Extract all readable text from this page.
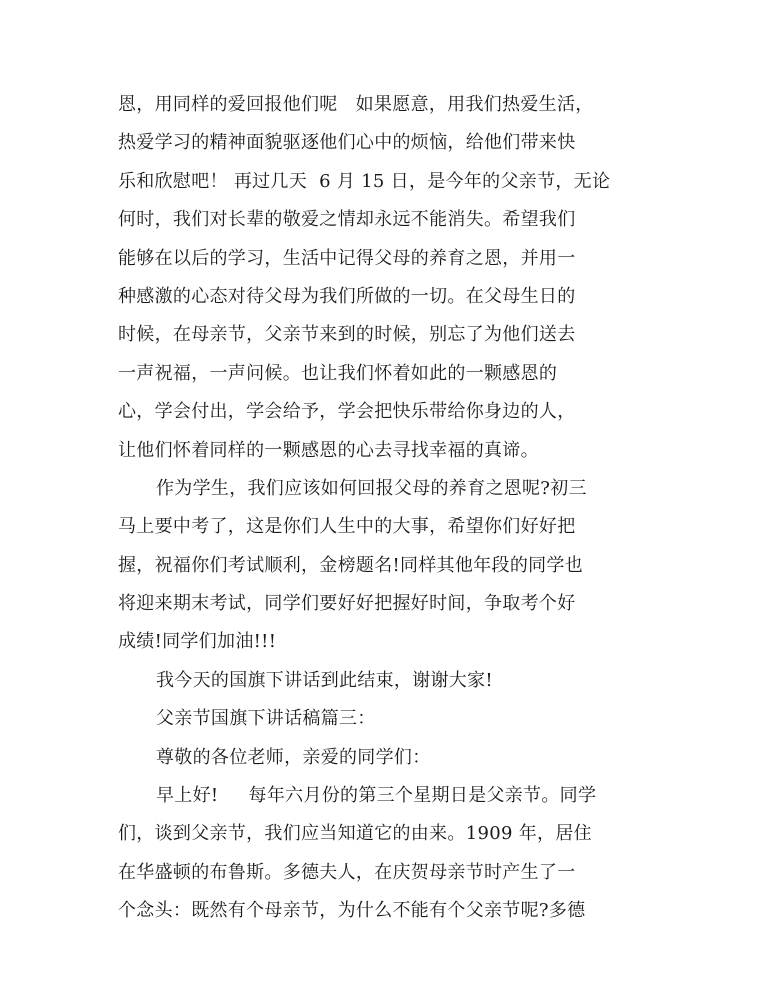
恩，用同样的爱回报他们呢   如果愿意，用我们热爱生活，
热爱学习的精神面貌驱逐他们心中的烦恼，给他们带来快
乐和欣慰吧！ 再过几天  6 月 15 日，是今年的父亲节，无论
何时，我们对长辈的敬爱之情却永远不能消失。希望我们
能够在以后的学习，生活中记得父母的养育之恩，并用一
种感激的心态对待父母为我们所做的一切。在父母生日的
时候，在母亲节，父亲节来到的时候，别忘了为他们送去
一声祝福，一声问候。也让我们怀着如此的一颗感恩的
心，学会付出，学会给予，学会把快乐带给你身边的人，
让他们怀着同样的一颗感恩的心去寻找幸福的真谛。
作为学生，我们应该如何回报父母的养育之恩呢?初三
马上要中考了，这是你们人生中的大事，希望你们好好把
握，祝福你们考试顺利，金榜题名!同样其他年段的同学也
将迎来期末考试，同学们要好好把握好时间，争取考个好
成绩!同学们加油!!!
我今天的国旗下讲话到此结束，谢谢大家!
父亲节国旗下讲话稿篇三：
尊敬的各位老师，亲爱的同学们：
早上好!     每年六月份的第三个星期日是父亲节。同学
们，谈到父亲节，我们应当知道它的由来。1909 年，居住
在华盛顿的布鲁斯。多德夫人，在庆贺母亲节时产生了一
个念头：既然有个母亲节，为什么不能有个父亲节呢?多德
